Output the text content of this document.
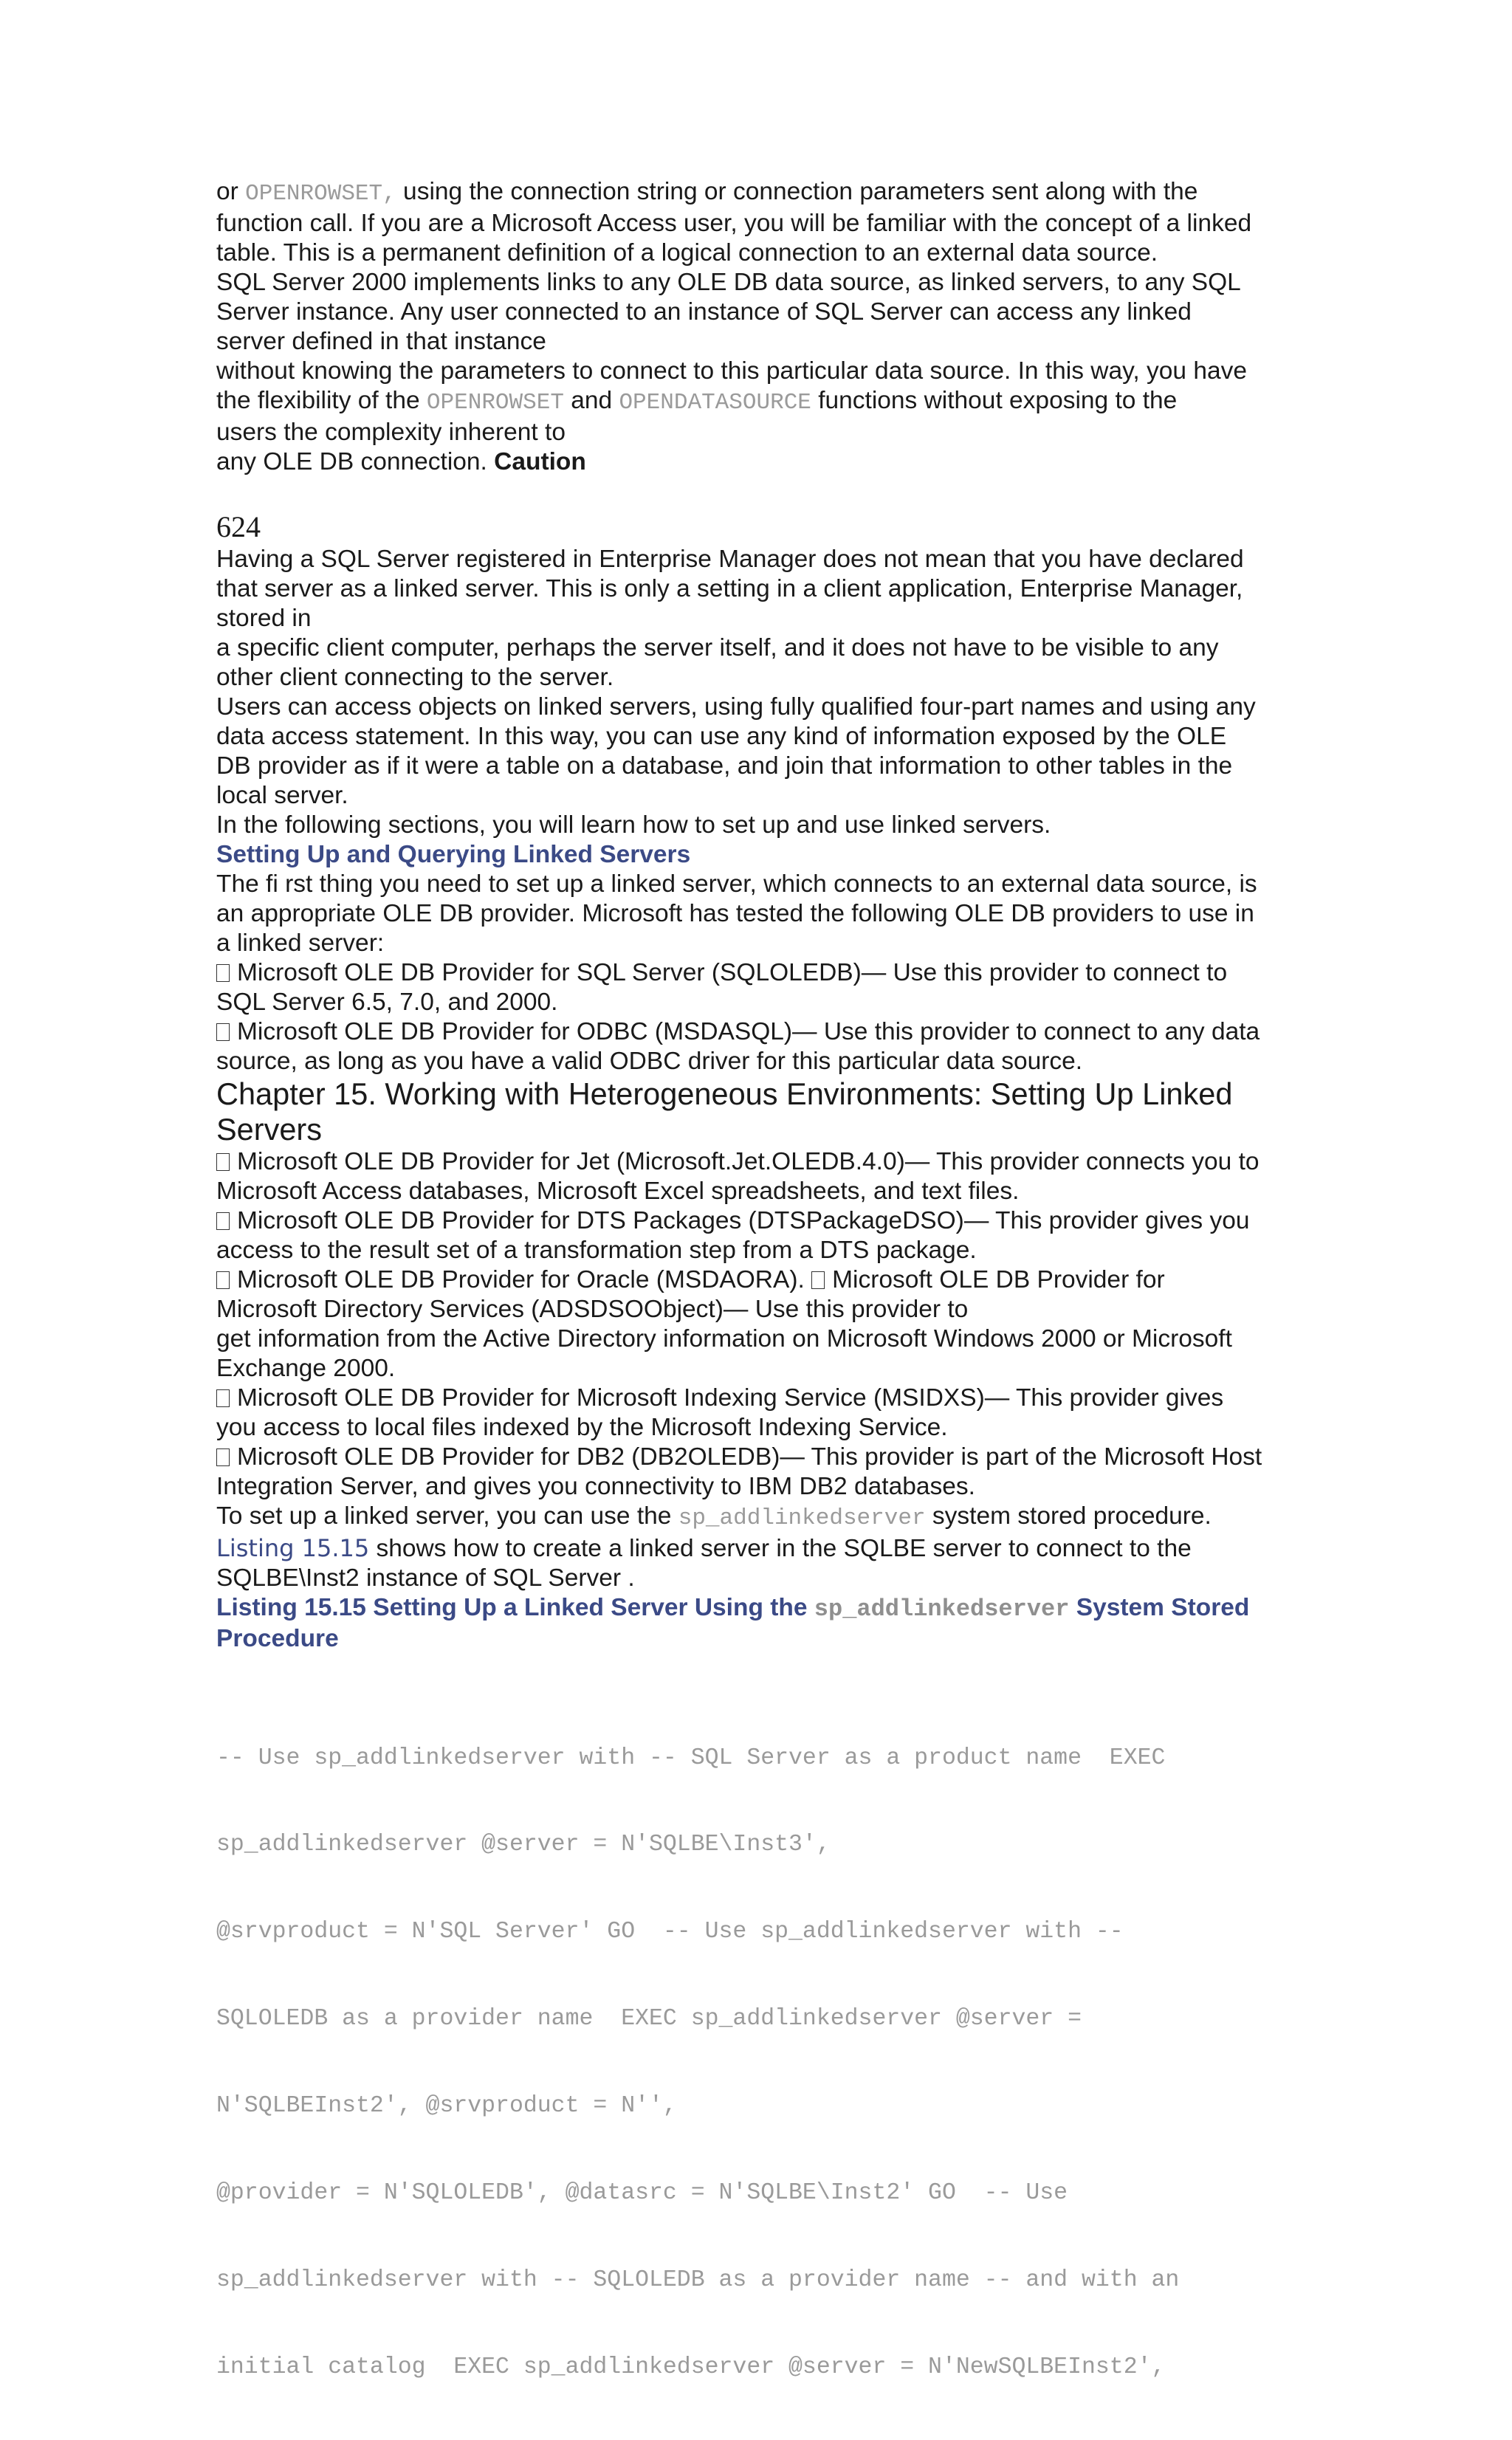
or OPENROWSET, using the connection string or connection parameters sent along with the

function call. If you are a Microsoft Access user, you will be familiar with the concept of a linked

table. This is a permanent definition of a logical connection to an external data source.

SQL Server 2000 implements links to any OLE DB data source, as linked servers, to any SQL

Server instance. Any user connected to an instance of SQL Server can access any linked

server defined in that instance

without knowing the parameters to connect to this particular data source. In this way, you have

the flexibility of the OPENROWSET and OPENDATASOURCE functions without exposing to the

users the complexity inherent to

any OLE DB connection. Caution

624

Having a SQL Server registered in Enterprise Manager does not mean that you have declared

that server as a linked server. This is only a setting in a client application, Enterprise Manager,

stored in

a specific client computer, perhaps the server itself, and it does not have to be visible to any

other client connecting to the server.

Users can access objects on linked servers, using fully qualified four-part names and using any

data access statement. In this way, you can use any kind of information exposed by the OLE

DB provider as if it were a table on a database, and join that information to other tables in the

local server.

In the following sections, you will learn how to set up and use linked servers.

Setting Up and Querying Linked Servers

The fi rst thing you need to set up a linked server, which connects to an external data source, is

an appropriate OLE DB provider. Microsoft has tested the following OLE DB providers to use in

a linked server:

Microsoft OLE DB Provider for SQL Server (SQLOLEDB)— Use this provider to connect to

SQL Server 6.5, 7.0, and 2000.

Microsoft OLE DB Provider for ODBC (MSDASQL)— Use this provider to connect to any data

source, as long as you have a valid ODBC driver for this particular data source.

Chapter 15. Working with Heterogeneous Environments: Setting Up Linked

Servers

Microsoft OLE DB Provider for Jet (Microsoft.Jet.OLEDB.4.0)— This provider connects you to

Microsoft Access databases, Microsoft Excel spreadsheets, and text files.

Microsoft OLE DB Provider for DTS Packages (DTSPackageDSO)— This provider gives you

access to the result set of a transformation step from a DTS package.

Microsoft OLE DB Provider for Oracle (MSDAORA). Microsoft OLE DB Provider for

Microsoft Directory Services (ADSDSOObject)— Use this provider to

get information from the Active Directory information on Microsoft Windows 2000 or Microsoft

Exchange 2000.

Microsoft OLE DB Provider for Microsoft Indexing Service (MSIDXS)— This provider gives

you access to local files indexed by the Microsoft Indexing Service.

Microsoft OLE DB Provider for DB2 (DB2OLEDB)— This provider is part of the Microsoft Host

Integration Server, and gives you connectivity to IBM DB2 databases.

To set up a linked server, you can use the sp_addlinkedserver system stored procedure.

Listing 15.15 shows how to create a linked server in the SQLBE server to connect to the

SQLBE\Inst2 instance of SQL Server .

Listing 15.15 Setting Up a Linked Server Using the sp_addlinkedserver System Stored

Procedure

-- Use sp_addlinkedserver with -- SQL Server as a product name  EXEC

sp_addlinkedserver @server = N'SQLBE\Inst3',

@srvproduct = N'SQL Server' GO  -- Use sp_addlinkedserver with --

SQLOLEDB as a provider name  EXEC sp_addlinkedserver @server =

N'SQLBEInst2', @srvproduct = N'',

@provider = N'SQLOLEDB', @datasrc = N'SQLBE\Inst2' GO  -- Use

sp_addlinkedserver with -- SQLOLEDB as a provider name -- and with an

initial catalog  EXEC sp_addlinkedserver @server = N'NewSQLBEInst2',
